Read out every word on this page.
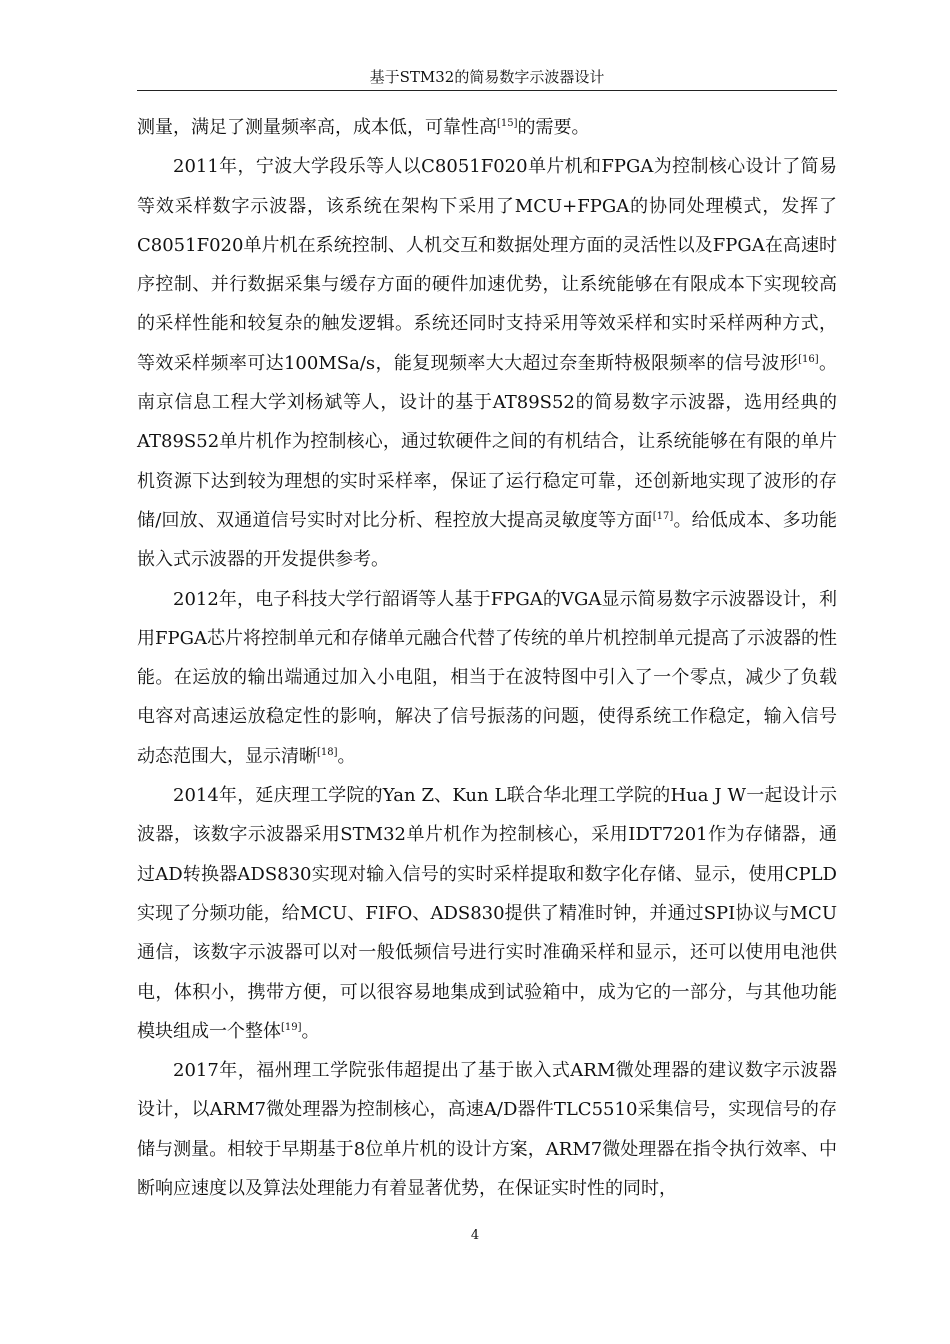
基于STM32的简易数字示波器设计

测量，满足了测量频率高，成本低，可靠性高[15]的需要。

2011年，宁波大学段乐等人以C8051F020单片机和FPGA为控制核心设计了简易等效采样数字示波器，该系统在架构下采用了MCU+FPGA的协同处理模式，发挥了C8051F020单片机在系统控制、人机交互和数据处理方面的灵活性以及FPGA在高速时序控制、并行数据采集与缓存方面的硬件加速优势，让系统能够在有限成本下实现较高的采样性能和较复杂的触发逻辑。系统还同时支持采用等效采样和实时采样两种方式，等效采样频率可达100MSa/s，能复现频率大大超过奈奎斯特极限频率的信号波形[16]。南京信息工程大学刘杨斌等人，设计的基于AT89S52的简易数字示波器，选用经典的AT89S52单片机作为控制核心，通过软硬件之间的有机结合，让系统能够在有限的单片机资源下达到较为理想的实时采样率，保证了运行稳定可靠，还创新地实现了波形的存储/回放、双通道信号实时对比分析、程控放大提高灵敏度等方面[17]。给低成本、多功能嵌入式示波器的开发提供参考。

2012年，电子科技大学行韶谞等人基于FPGA的VGA显示简易数字示波器设计，利用FPGA芯片将控制单元和存储单元融合代替了传统的单片机控制单元提高了示波器的性能。在运放的输出端通过加入小电阻，相当于在波特图中引入了一个零点，减少了负载电容对高速运放稳定性的影响，解决了信号振荡的问题，使得系统工作稳定，输入信号动态范围大，显示清晰[18]。

2014年，延庆理工学院的Yan Z、Kun L联合华北理工学院的Hua J W一起设计示波器，该数字示波器采用STM32单片机作为控制核心，采用IDT7201作为存储器，通过AD转换器ADS830实现对输入信号的实时采样提取和数字化存储、显示，使用CPLD实现了分频功能，给MCU、FIFO、ADS830提供了精准时钟，并通过SPI协议与MCU通信，该数字示波器可以对一般低频信号进行实时准确采样和显示，还可以使用电池供电，体积小，携带方便，可以很容易地集成到试验箱中，成为它的一部分，与其他功能模块组成一个整体[19]。

2017年，福州理工学院张伟超提出了基于嵌入式ARM微处理器的建议数字示波器设计，以ARM7微处理器为控制核心，高速A/D器件TLC5510采集信号，实现信号的存储与测量。相较于早期基于8位单片机的设计方案，ARM7微处理器在指令执行效率、中断响应速度以及算法处理能力有着显著优势，在保证实时性的同时，

4
